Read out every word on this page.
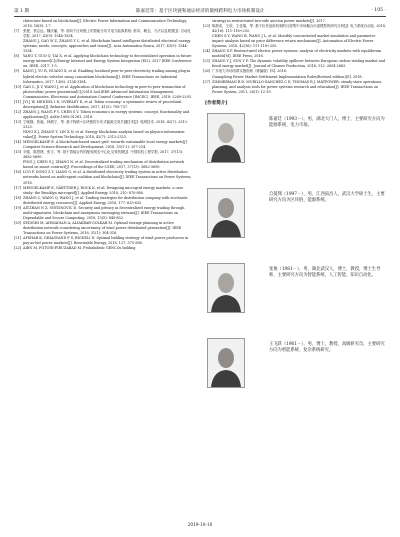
第 1 期	陈嘉廷等：基于区块链和通证经济的微网跨利电力市场机制设计	· 105 ·
chitecture based on blockchain[J]. Electric Power Information and Communication Technology, 2018, 16(8): 1-7.
[7]	张俊，蔡志远，魏庆藩，等. 面向于区块链上的智能分布式电力能源系统: 需求、概念、方法以及展望[J]. 自动化学报, 2017, 43(9): 1544-1554.
ZHANG J, GAO W Z, ZHANG Y C, et al. Blockchain based intelligent distributed electrical energy systems: needs, concepts, approaches and vision[J]. Acta Automatica Sinica, 2017, 43(9): 1544-1554.
[8]	YANG T, GUO Q, TAI X, et al. Applying blockchain technology to decentralized operation in future energy internet[C]//Energy Internet and Energy System Integration (EI2), 2017 IEEE Conference on. IEEE, 2017: 1-5.
[9]	KANG J, YU R, HUANG X, et al. Enabling localized peer-to-peer electricity trading among plug-in hybrid electric vehicles using consortium blockchains[J]. IEEE Transactions on Industrial Informatics, 2017, 13(6): 3154-3164.
[10] GAO C, JI Y, WANG J, et al. Application of blockchain technology in peer-to-peer transaction of photovoltaic power generation[C]//2018 2nd IEEE Advanced Information Management, Communicates, Electronic and Automation Control Conference (IMCEC). IEEE, 2018: 2289-2293.
[11] JYI J W, MENDEL I N, OVERLEY E, et al. Token economy: a systematic review of procedural descriptions[J]. Behavior Modification, 2017, 41(5): 708-737.
[12] ZHANG J, WANG F Y, CHEN S Y. Token economics in energy systems: concept, functionality and applications[J]. ArXiv:1808.01261, 2018.
[13] 宁晓静，张毅，林湘宁，等. 基于物联+区块链的分布式能源交易关键技术[J]. 电网技术, 2018, 42(7): 2312-2323.
NING X J, ZHANG Y, LIN X N, et al. Energy blockchain analysis based on physico-information-value[J]. Power System Technology, 2018, 42(7): 2312-2323.
[14] MENGELKAMP E. A blockchain-based smart grid: towards sustainable local energy markets[J]. Computer Science-Research and Development, 2018, 33(1-2): 207-214.
[15] 平健，陈思捷，张宇，等. 基于智能合约的配电网去中心化交易机制[J]. 中国电机工程学报, 2017, 37(13): 3682-3690.
PING J, CHEN S J, ZHANG N, et al. Decentralized trading mechanism of distribution network based on smart contract[J]. Proceedings of the CSEE, 2017, 37(13): 3682-3690.
[16] LUO F, DONG Z Y, LIANG G, et al. A distributed electricity trading system in active distribution networks based on multi-agent coalition and blockchain[J]. IEEE Transactions on Power Systems, 2018.
[17] MENGELKAMP E, GÄRTTNER J, ROCK K, et al. Designing microgrid energy markets: a case study: the Brooklyn microgrid[J]. Applied Energy, 2018, 210: 870-880.
[18] ZHANG C, WANG Q, WANG J, et al. Trading strategies for distribution company with stochastic distributed energy resources[J]. Applied Energy, 2016, 177: 625-635.
[19] AITZHAN N Z, SVETINOVIC D. Security and privacy in decentralized energy trading through multi-signatures, blockchain and anonymous messaging streams[J]. IEEE Transactions on Dependable and Secure Computing, 2018, 15(5): 840-852.
[20] SEDIGHI M, AHMADIAN A, ALIAKBAR-GOLKAR M. Optimal storage planning in active distribution network considering uncertainty of wind power distributed generation[J]. IEEE Transactions on Power Systems, 2016, 31(1): 304-316.
[21] AFSHAR K, GHIASVAND F S, BIGDELI N. Optimal bidding strategy of wind power producers in pay-as-bid power markets[J]. Renewable Energy, 2018, 127: 575-586.
[22] AIEN M, FOTUHI-FIRUZABAD M. Probabilistic GENCOs bidding
strategy in restructured two-side auction power markets[J]. 2017.
[23] 陈晨希，王欣，王佳瑞，等. 基于价差追踪机制的月度集中市场撮合出清模型的研究分析[J]. 电力系统自动化, 2018, 42(16): 111-118+255.
CHEN S Y, WANG B, WANG J L, et al. Monthly concentrated market simulation and parameter impact analysis based on price difference return mechanism[J]. Automation of Electric Power Systems, 2018, 42(16): 111-118+255.
[24] ZHANG X P. Restructured electric power systems: analysis of electricity markets with equilibrium models[M]. IEEE Press, 2016.
[25] ZHANG Y J, SUN Y F. The dynamic volatility spillover between European carbon trading market and fossil energy market[J]. Journal of Cleaner Production, 2016, 112: 2654-2663.
[26] 广东电力市场结算实施细则（修编版）[S]. 2018.
Guangdong Power Market Settlement Implementation Rules(Revised edition)[S]. 2018.
[27] ZIMMERMAN R D, MURILLO-SANCHEZ C E, THOMAS R J. MATPOWER: steady-state operations, planning, and analysis tools for power systems research and education[J]. IEEE Transactions on Power System, 2011, 26(1): 12-19.
[作者简介]
陈嘉廷（1993－），男，湖北大门人，博士，主要研究方向为能源系统、电力市场。
自曼翔（1997－），男，江西南昌人，武汉大学硕士生，主要研究方向为区块链、能源系统。
张俊（1981－），男，湖北武汉人，博士，教授，博士生导师，主要研究方向为智能系统、人工智能、知识自动化。
王飞跃（1961－），男，博士，教授，高级研究员，主要研究方向为智能系统、复杂系统研究。
2019-10-10
